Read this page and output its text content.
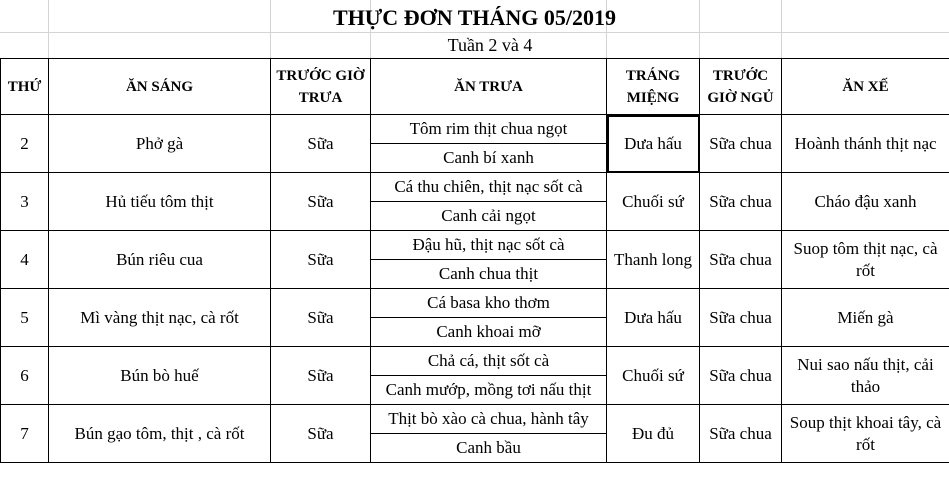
THỰC ĐƠN THÁNG 05/2019
Tuần 2 và 4
THỨ	ĂN SÁNG	TRƯỚC GIỜ TRƯA	ĂN TRƯA	TRÁNG MIỆNG	TRƯỚC GIỜ NGỦ	ĂN XẾ
2	Phở gà	Sữa	Tôm rim thịt chua ngọt	Dưa hấu	Sữa chua	Hoành thánh thịt nạc
			Canh bí xanh			
3	Hủ tiếu tôm thịt	Sữa	Cá thu chiên, thịt nạc sốt cà	Chuối sứ	Sữa chua	Cháo đậu xanh
			Canh cải ngọt			
4	Bún riêu cua	Sữa	Đậu hũ, thịt nạc sốt cà	Thanh long	Sữa chua	Suop tôm thịt nạc, cà rốt
			Canh chua thịt			
5	Mì vàng thịt nạc, cà rốt	Sữa	Cá basa kho thơm	Dưa hấu	Sữa chua	Miến gà
			Canh khoai mỡ			
6	Bún bò huế	Sữa	Chả cá, thịt sốt cà	Chuối sứ	Sữa chua	Nui sao nấu thịt, cải thảo
			Canh mướp, mồng tơi nấu thịt			
7	Bún gạo tôm, thịt , cà rốt	Sữa	Thịt bò xào cà chua, hành tây	Đu đủ	Sữa chua	Soup thịt khoai tây, cà rốt
			Canh bầu			
